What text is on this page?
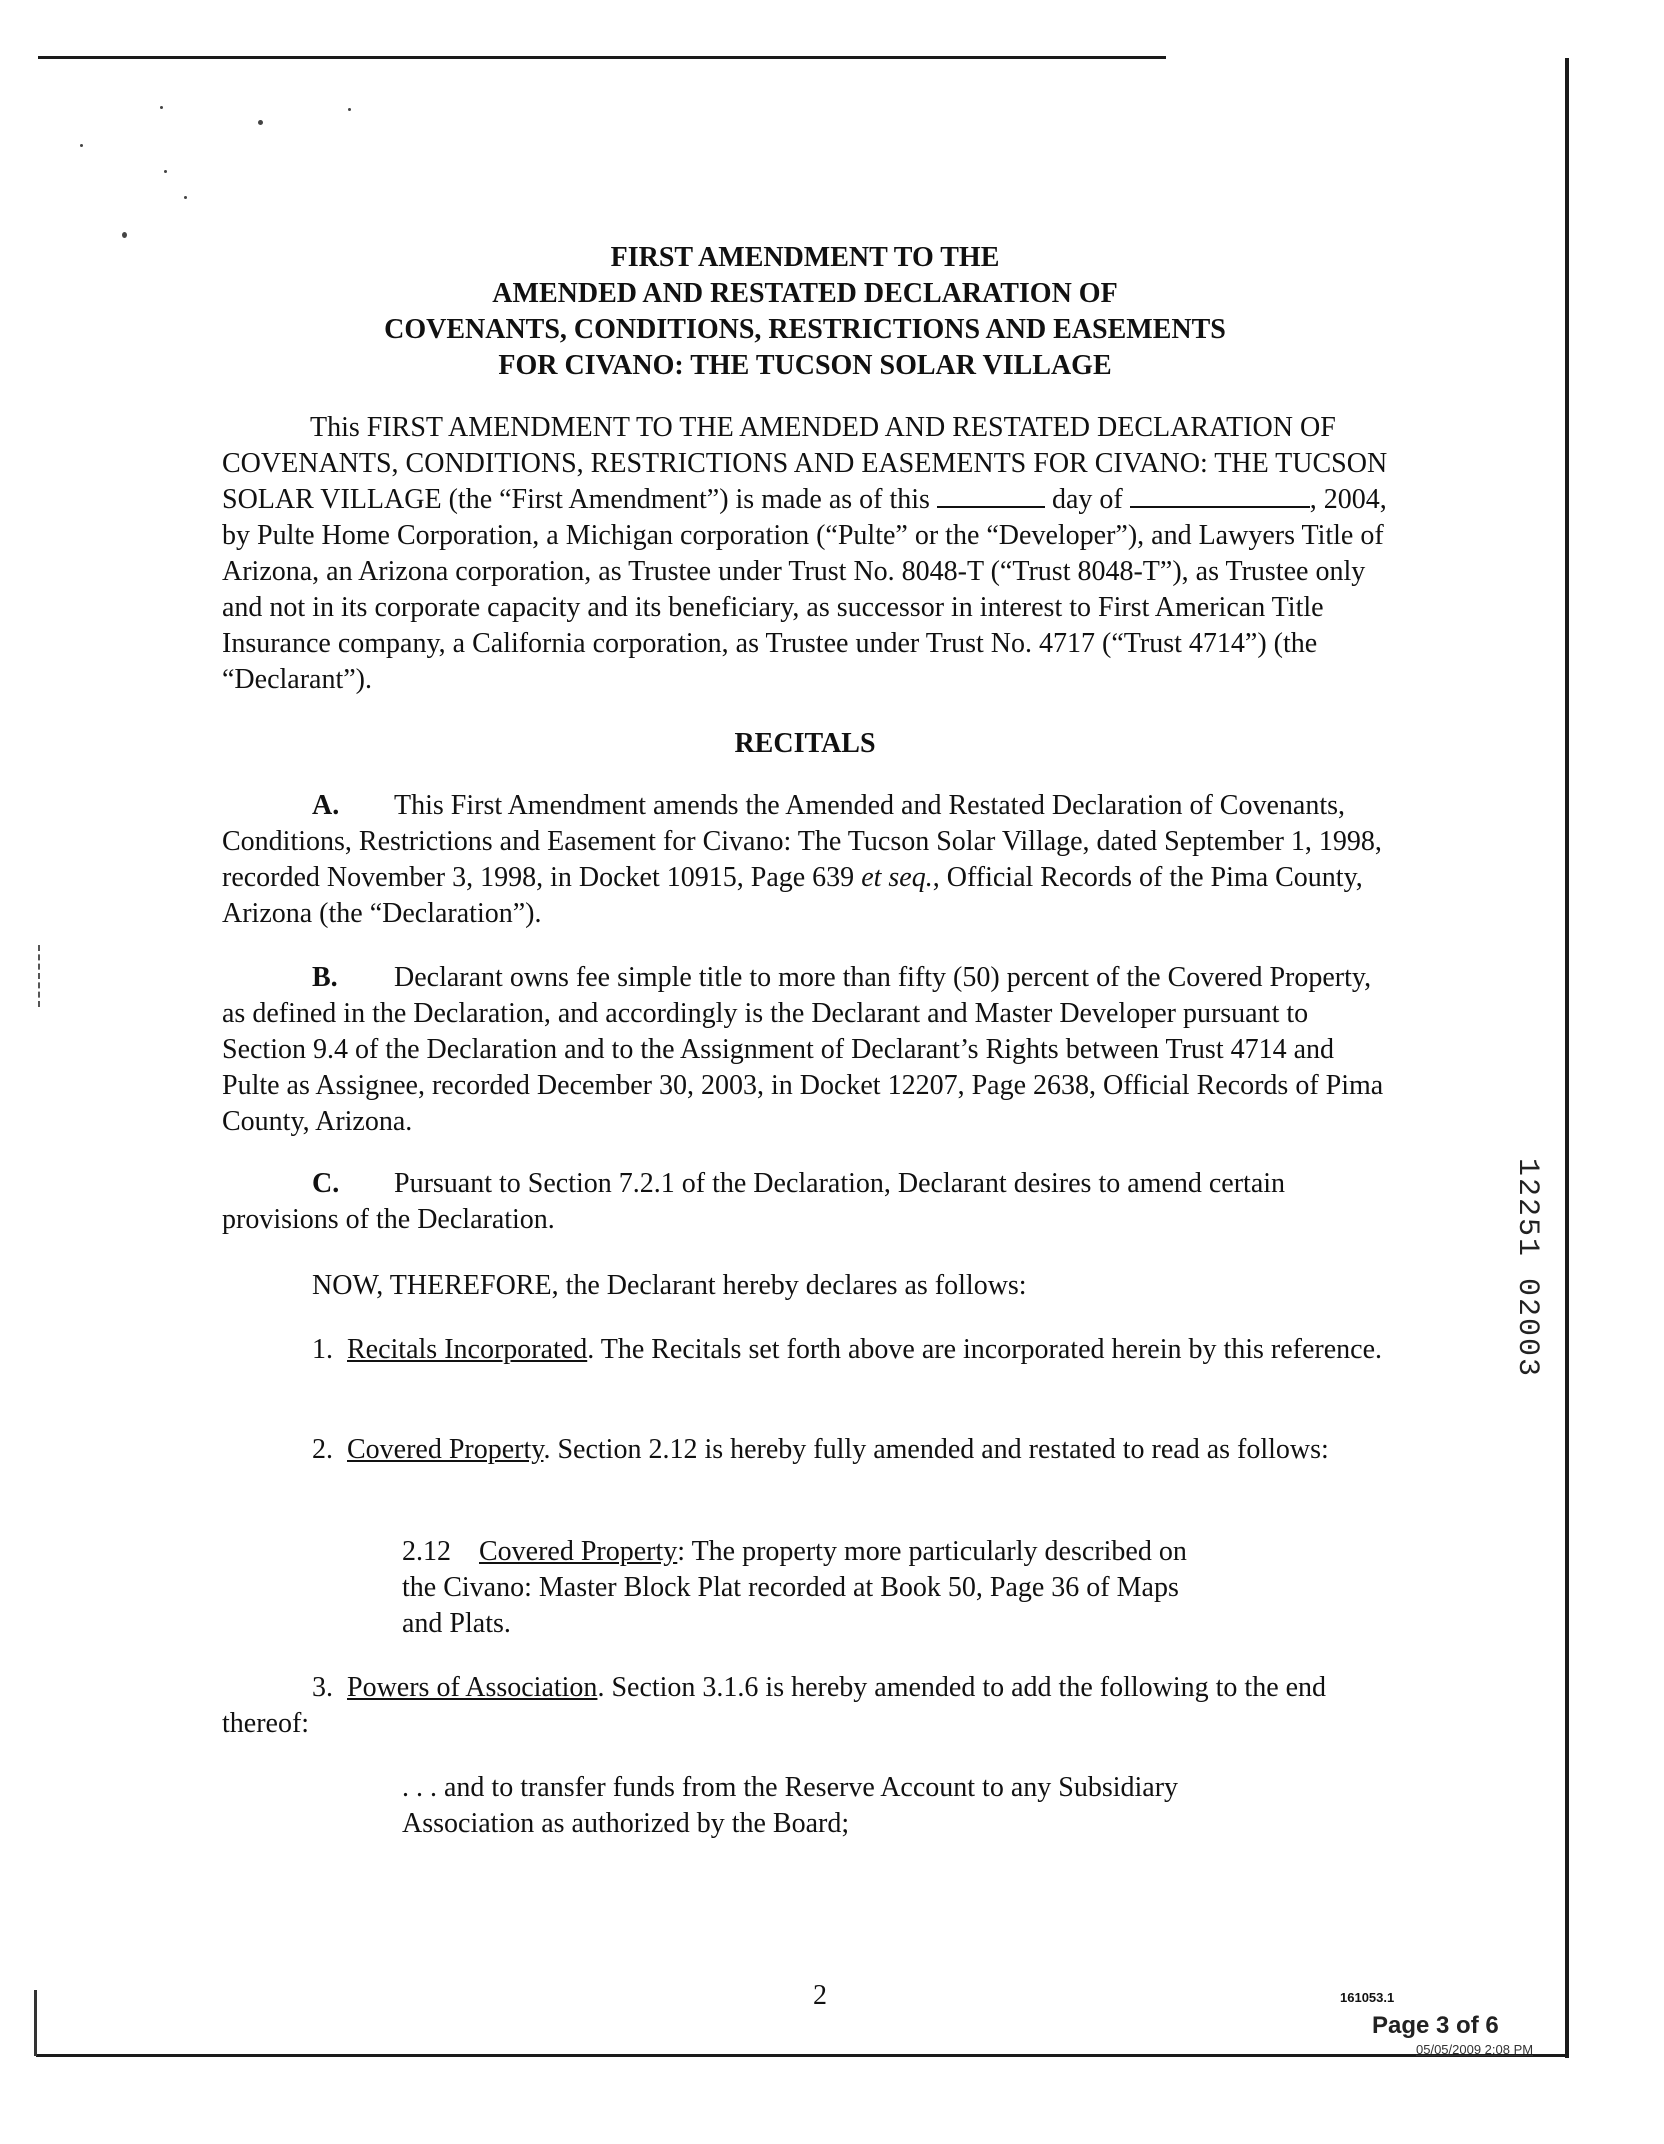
FIRST AMENDMENT TO THE
AMENDED AND RESTATED DECLARATION OF
COVENANTS, CONDITIONS, RESTRICTIONS AND EASEMENTS
FOR CIVANO: THE TUCSON SOLAR VILLAGE

This FIRST AMENDMENT TO THE AMENDED AND RESTATED DECLARATION OF COVENANTS, CONDITIONS, RESTRICTIONS AND EASEMENTS FOR CIVANO: THE TUCSON SOLAR VILLAGE (the “First Amendment”) is made as of this	day of	, 2004, by Pulte Home Corporation, a Michigan corporation (“Pulte” or the “Developer”), and Lawyers Title of Arizona, an Arizona corporation, as Trustee under Trust No. 8048-T (“Trust 8048-T”), as Trustee only and not in its corporate capacity and its beneficiary, as successor in interest to First American Title Insurance company, a California corporation, as Trustee under Trust No. 4717 (“Trust 4714”) (the “Declarant”).

RECITALS

A. This First Amendment amends the Amended and Restated Declaration of Covenants, Conditions, Restrictions and Easement for Civano: The Tucson Solar Village, dated September 1, 1998, recorded November 3, 1998, in Docket 10915, Page 639 et seq., Official Records of the Pima County, Arizona (the “Declaration”).

B. Declarant owns fee simple title to more than fifty (50) percent of the Covered Property, as defined in the Declaration, and accordingly is the Declarant and Master Developer pursuant to Section 9.4 of the Declaration and to the Assignment of Declarant’s Rights between Trust 4714 and Pulte as Assignee, recorded December 30, 2003, in Docket 12207, Page 2638, Official Records of Pima County, Arizona.

C. Pursuant to Section 7.2.1 of the Declaration, Declarant desires to amend certain provisions of the Declaration.

NOW, THEREFORE, the Declarant hereby declares as follows:

1. Recitals Incorporated. The Recitals set forth above are incorporated herein by this reference.

2. Covered Property. Section 2.12 is hereby fully amended and restated to read as follows:

2.12 Covered Property: The property more particularly described on the Civano: Master Block Plat recorded at Book 50, Page 36 of Maps and Plats.

3. Powers of Association. Section 3.1.6 is hereby amended to add the following to the end thereof:

. . . and to transfer funds from the Reserve Account to any Subsidiary Association as authorized by the Board;

12251 02003
2	161053.1
Page 3 of 6
05/05/2009 2:08 PM
